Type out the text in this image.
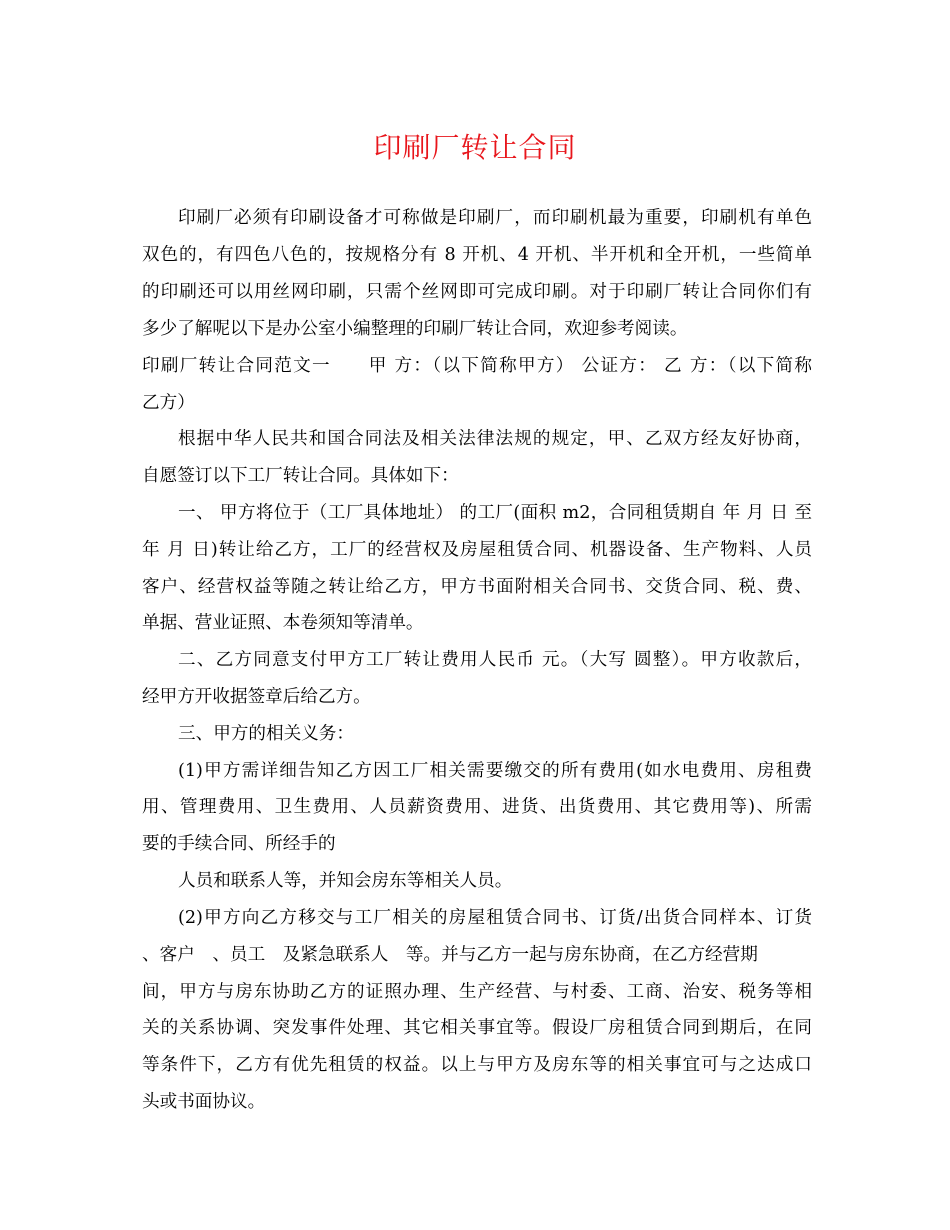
印刷厂转让合同
印刷厂必须有印刷设备才可称做是印刷厂，而印刷机最为重要，印刷机有单色
双色的，有四色八色的，按规格分有 8 开机、4 开机、半开机和全开机，一些简单
的印刷还可以用丝网印刷，只需个丝网即可完成印刷。对于印刷厂转让合同你们有
多少了解呢以下是办公室小编整理的印刷厂转让合同，欢迎参考阅读。
印刷厂转让合同范文一　　甲 方：（以下简称甲方） 公证方： 乙 方：（以下简称
乙方）
根据中华人民共和国合同法及相关法律法规的规定，甲、乙双方经友好协商，
自愿签订以下工厂转让合同。具体如下：
一、 甲方将位于（工厂具体地址） 的工厂(面积 m2，合同租赁期自 年 月 日 至
年 月 日)转让给乙方，工厂的经营权及房屋租赁合同、机器设备、生产物料、人员
客户、经营权益等随之转让给乙方，甲方书面附相关合同书、交货合同、税、费、
单据、营业证照、本卷须知等清单。
二、乙方同意支付甲方工厂转让费用人民币 元。（大写 圆整）。甲方收款后，
经甲方开收据签章后给乙方。
三、甲方的相关义务：
(1)甲方需详细告知乙方因工厂相关需要缴交的所有费用(如水电费用、房租费
用、管理费用、卫生费用、人员薪资费用、进货、出货费用、其它费用等)、所需
要的手续合同、所经手的
人员和联系人等，并知会房东等相关人员。
(2)甲方向乙方移交与工厂相关的房屋租赁合同书、订货/出货合同样本、订货
、客户　、员工　及紧急联系人　等。并与乙方一起与房东协商，在乙方经营期
间，甲方与房东协助乙方的证照办理、生产经营、与村委、工商、治安、税务等相
关的关系协调、突发事件处理、其它相关事宜等。假设厂房租赁合同到期后，在同
等条件下，乙方有优先租赁的权益。以上与甲方及房东等的相关事宜可与之达成口
头或书面协议。
